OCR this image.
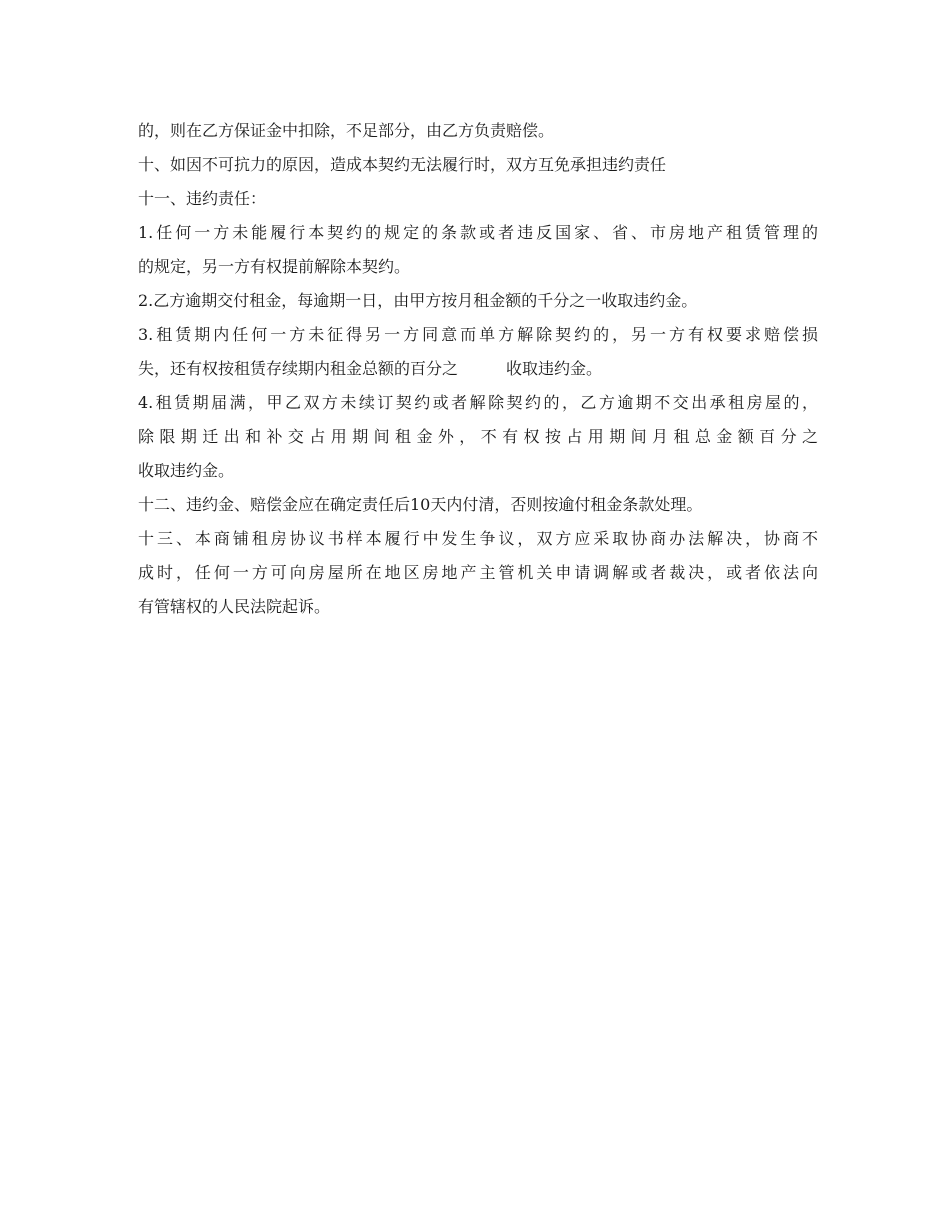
的，则在乙方保证金中扣除，不足部分，由乙方负责赔偿。

十、如因不可抗力的原因，造成本契约无法履行时，双方互免承担违约责任

十一、违约责任：

1.任何一方未能履行本契约的规定的条款或者违反国家、省、市房地产租赁管理的

的规定，另一方有权提前解除本契约。

2.乙方逾期交付租金，每逾期一日，由甲方按月租金额的千分之一收取违约金。

3.租赁期内任何一方未征得另一方同意而单方解除契约的，另一方有权要求赔偿损

失，还有权按租赁存续期内租金总额的百分之	收取违约金。

4.租赁期届满，甲乙双方未续订契约或者解除契约的，乙方逾期不交出承租房屋的，

除限期迁出和补交占用期间租金外，不有权按占用期间月租总金额百分之

收取违约金。

十二、违约金、赔偿金应在确定责任后10天内付清，否则按逾付租金条款处理。

十三、本商铺租房协议书样本履行中发生争议，双方应采取协商办法解决，协商不

成时，任何一方可向房屋所在地区房地产主管机关申请调解或者裁决，或者依法向

有管辖权的人民法院起诉。
